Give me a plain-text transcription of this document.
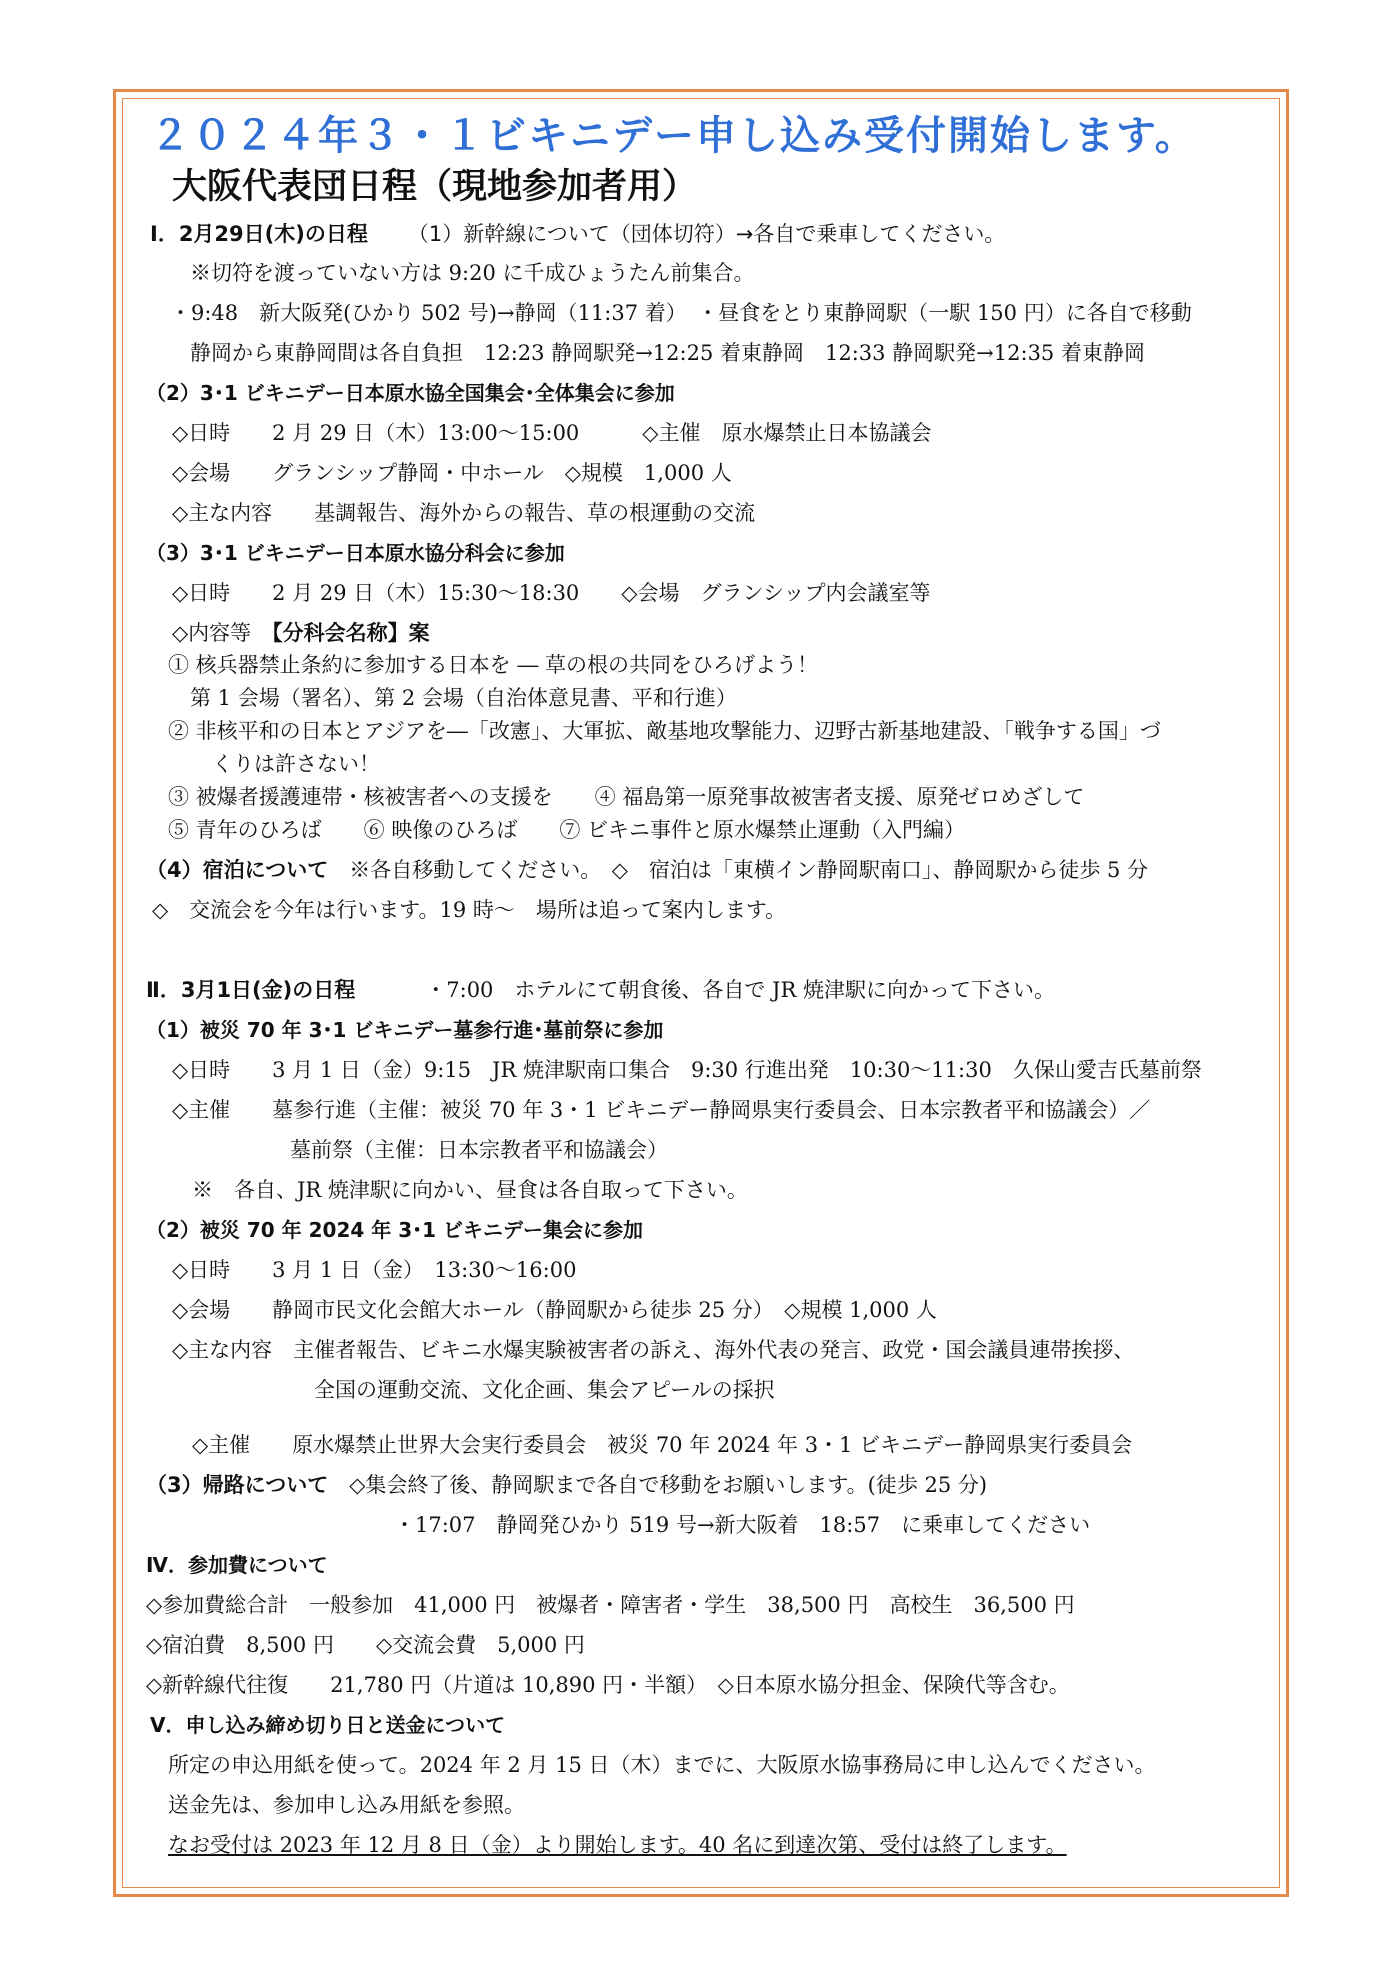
２０２４年３・１ビキニデー申し込み受付開始します。
大阪代表団日程（現地参加者用）
Ⅰ．2月29日(木)の日程 （1）新幹線について（団体切符）→各自で乗車してください。
※切符を渡っていない方は 9:20 に千成ひょうたん前集合。
・9:48　新大阪発(ひかり 502 号)→静岡（11:37 着）　・昼食をとり東静岡駅（一駅 150 円）に各自で移動
静岡から東静岡間は各自負担　12:23 静岡駅発→12:25 着東静岡　12:33 静岡駅発→12:35 着東静岡
（2）3･1 ビキニデー日本原水協全国集会･全体集会に参加
◇日時　　2 月 29 日（木）13:00～15:00　　　◇主催　原水爆禁止日本協議会
◇会場　　グランシップ静岡・中ホール　◇規模　1,000 人
◇主な内容　　基調報告、海外からの報告、草の根運動の交流
（3）3･1 ビキニデー日本原水協分科会に参加
◇日時　　2 月 29 日（木）15:30～18:30　　◇会場　グランシップ内会議室等
◇内容等　【分科会名称】案
① 核兵器禁止条約に参加する日本を ― 草の根の共同をひろげよう！
第 1 会場（署名）、第 2 会場（自治体意見書、平和行進）
② 非核平和の日本とアジアを―「改憲」、大軍拡、敵基地攻撃能力、辺野古新基地建設、「戦争する国」づ
くりは許さない！
③ 被爆者援護連帯・核被害者への支援を　　④ 福島第一原発事故被害者支援、原発ゼロめざして
⑤ 青年のひろば　　⑥ 映像のひろば　　⑦ ビキニ事件と原水爆禁止運動（入門編）
（4）宿泊について　※各自移動してください。　◇　宿泊は「東横イン静岡駅南口」、静岡駅から徒歩 5 分
◇　交流会を今年は行います。19 時～　場所は追って案内します。
Ⅱ．3月1日(金)の日程	・7:00　ホテルにて朝食後、各自で JR 焼津駅に向かって下さい。
（1）被災 70 年 3･1 ビキニデー墓参行進･墓前祭に参加
◇日時　　3 月 1 日（金）9:15　JR 焼津駅南口集合　9:30 行進出発　10:30～11:30　久保山愛吉氏墓前祭
◇主催　　墓参行進（主催：被災 70 年 3・1 ビキニデー静岡県実行委員会、日本宗教者平和協議会）／
墓前祭（主催：日本宗教者平和協議会）
※　各自、JR 焼津駅に向かい、昼食は各自取って下さい。
（2）被災 70 年 2024 年 3･1 ビキニデー集会に参加
◇日時　　3 月 1 日（金）　13:30～16:00
◇会場　　静岡市民文化会館大ホール（静岡駅から徒歩 25 分）　◇規模 1,000 人
◇主な内容　主催者報告、ビキニ水爆実験被害者の訴え、海外代表の発言、政党・国会議員連帯挨拶、
全国の運動交流、文化企画、集会アピールの採択
◇主催　　原水爆禁止世界大会実行委員会　被災 70 年 2024 年 3・1 ビキニデー静岡県実行委員会
（3）帰路について　◇集会終了後、静岡駅まで各自で移動をお願いします。(徒歩 25 分)
・17:07　静岡発ひかり 519 号→新大阪着　18:57　に乗車してください
Ⅳ．参加費について
◇参加費総合計　一般参加　41,000 円　被爆者・障害者・学生　38,500 円　高校生　36,500 円
◇宿泊費　8,500 円　　◇交流会費　5,000 円
◇新幹線代往復　　21,780 円（片道は 10,890 円・半額）　◇日本原水協分担金、保険代等含む。
Ⅴ．申し込み締め切り日と送金について
所定の申込用紙を使って。2024 年 2 月 15 日（木）までに、大阪原水協事務局に申し込んでください。
送金先は、参加申し込み用紙を参照。
なお受付は 2023 年 12 月 8 日（金）より開始します。40 名に到達次第、受付は終了します。
